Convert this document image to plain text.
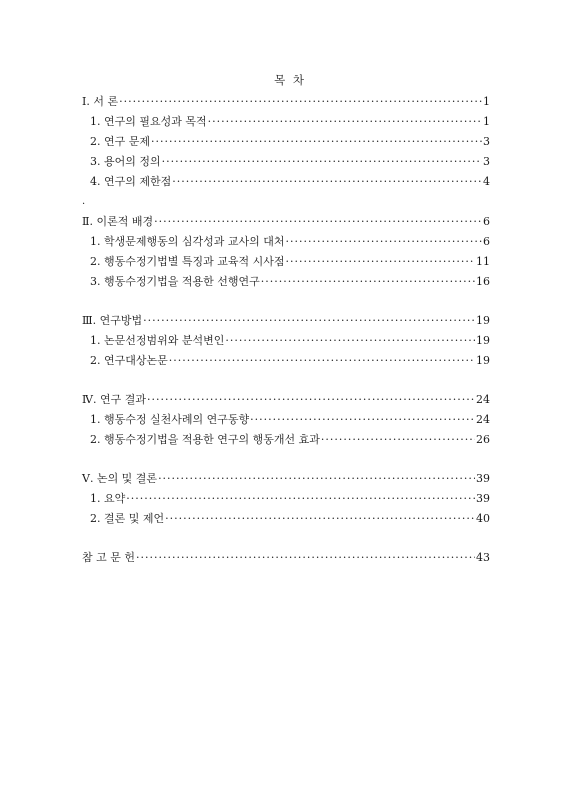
목 차
Ⅰ. 서 론 ·····	1
1. 연구의 필요성과 목적 ·····	1
2. 연구 문제 ·····	3
3. 용어의 정의 ·····	3
4. 연구의 제한점 ·····	4
.
Ⅱ. 이론적 배경 ·····	6
1. 학생문제행동의 심각성과 교사의 대처 ·····	6
2. 행동수정기법별 특징과 교육적 시사점 ·····	11
3. 행동수정기법을 적용한 선행연구 ·····	16
Ⅲ. 연구방법 ·····	19
1. 논문선정범위와 분석변인 ·····	19
2. 연구대상논문 ·····	19
Ⅳ. 연구 결과 ·····	24
1. 행동수정 실천사례의 연구동향 ·····	24
2. 행동수정기법을 적용한 연구의 행동개선 효과 ·····	26
Ⅴ. 논의 및 결론 ·····	39
1. 요약 ·····	39
2. 결론 및 제언 ·····	40
참 고 문 헌 ·····	43
